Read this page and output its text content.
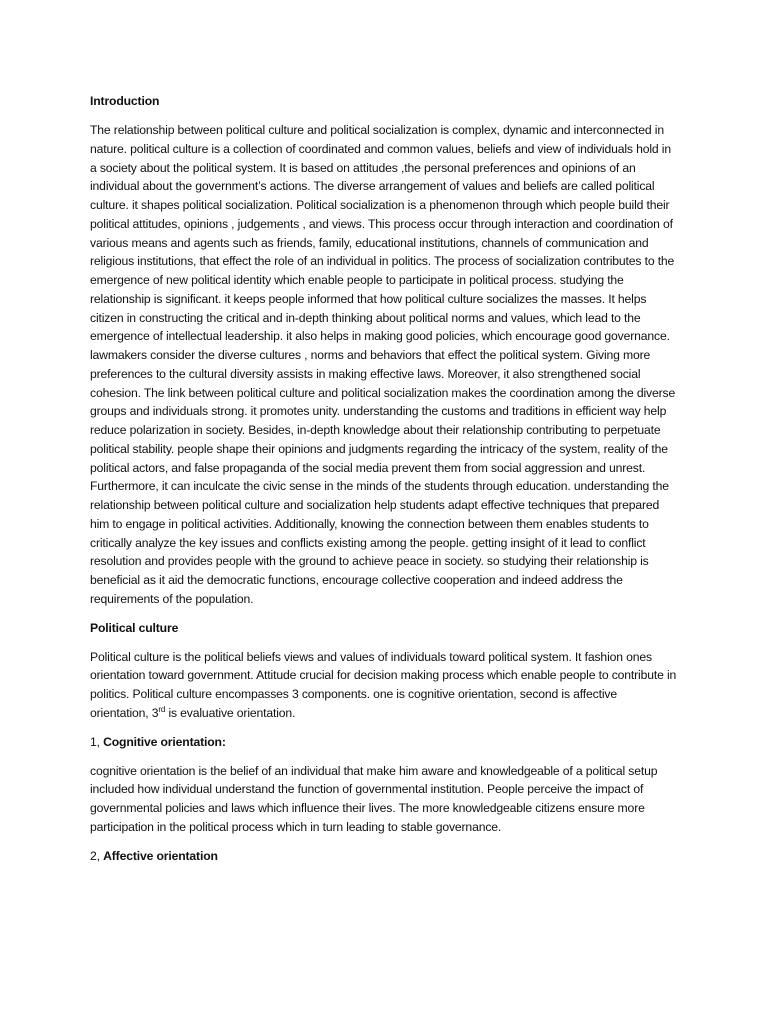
Introduction

The relationship between political culture and political socialization is complex, dynamic and interconnected in nature. political culture is a collection of coordinated and common values, beliefs and view of individuals hold in a society about the political system. It is based on attitudes ,the personal preferences and opinions of an individual about the government’s actions. The diverse arrangement of values and beliefs are called political culture. it shapes political socialization. Political socialization is a phenomenon through which people build their political attitudes, opinions , judgements , and views. This process occur through interaction and coordination of various means and agents such as friends, family, educational institutions, channels of communication and religious institutions, that effect the role of an individual in politics. The process of socialization contributes to the emergence of new political identity which enable people to participate in political process. studying the relationship is significant. it keeps people informed that how political culture socializes the masses. It helps citizen in constructing the critical and in-depth thinking about political norms and values, which lead to the emergence of intellectual leadership. it also helps in making good policies, which encourage good governance. lawmakers consider the diverse cultures , norms and behaviors that effect the political system. Giving more preferences to the cultural diversity assists in making effective laws. Moreover, it also strengthened social cohesion. The link between political culture and political socialization makes the coordination among the diverse groups and individuals strong. it promotes unity. understanding the customs and traditions in efficient way help reduce polarization in society. Besides, in-depth knowledge about their relationship contributing to perpetuate political stability. people shape their opinions and judgments regarding the intricacy of the system, reality of the political actors, and false propaganda of the social media prevent them from social aggression and unrest. Furthermore, it can inculcate the civic sense in the minds of the students through education. understanding the relationship between political culture and socialization help students adapt effective techniques that prepared him to engage in political activities. Additionally, knowing the connection between them enables students to critically analyze the key issues and conflicts existing among the people. getting insight of it lead to conflict resolution and provides people with the ground to achieve peace in society. so studying their relationship is beneficial as it aid the democratic functions, encourage collective cooperation and indeed address the requirements of the population.

Political culture

Political culture is the political beliefs views and values of individuals toward political system. It fashion ones orientation toward government. Attitude crucial for decision making process which enable people to contribute in politics. Political culture encompasses 3 components. one is cognitive orientation, second is affective orientation, 3rd is evaluative orientation.

1, Cognitive orientation:

cognitive orientation is the belief of an individual that make him aware and knowledgeable of a political setup included how individual understand the function of governmental institution. People perceive the impact of governmental policies and laws which influence their lives. The more knowledgeable citizens ensure more participation in the political process which in turn leading to stable governance.

2, Affective orientation
